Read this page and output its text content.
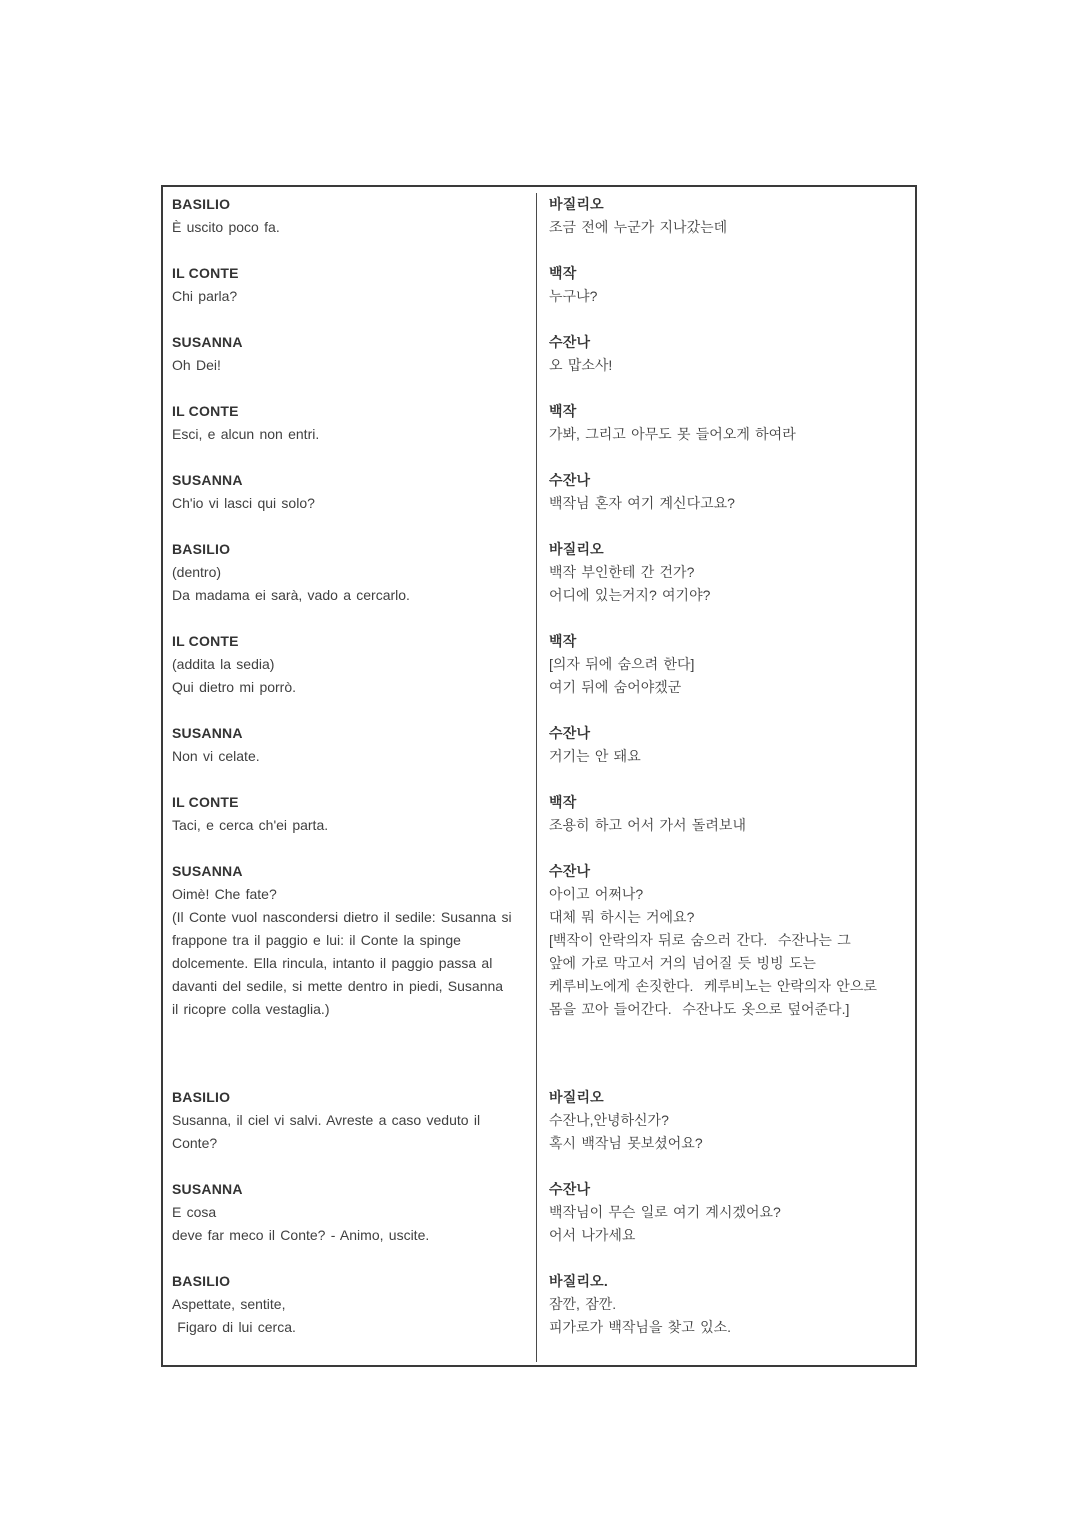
BASILIO
È uscito poco fa.
바질리오
조금 전에 누군가 지나갔는데
IL CONTE
Chi parla?
백작
누구냐?
SUSANNA
Oh Dei!
수잔나
오 맙소사!
IL CONTE
Esci, e alcun non entri.
백작
가봐, 그리고 아무도 못 들어오게 하여라
SUSANNA
Ch'io vi lasci qui solo?
수잔나
백작님 혼자 여기 계신다고요?
BASILIO
(dentro)
Da madama ei sarà, vado a cercarlo.
바질리오
백작 부인한테 간 건가?
어디에 있는거지? 여기야?
IL CONTE
(addita la sedia)
Qui dietro mi porrò.
백작
[의자 뒤에 숨으려 한다]
여기 뒤에 숨어야겠군
SUSANNA
Non vi celate.
수잔나
거기는 안 돼요
IL CONTE
Taci, e cerca ch'ei parta.
백작
조용히 하고 어서 가서 돌려보내
SUSANNA
Oimè! Che fate?
(Il Conte vuol nascondersi dietro il sedile: Susanna si
frappone tra il paggio e lui: il Conte la spinge
dolcemente. Ella rincula, intanto il paggio passa al
davanti del sedile, si mette dentro in piedi, Susanna
il ricopre colla vestaglia.)
수잔나
아이고 어쩌나?
대체 뭐 하시는 거에요?
[백작이 안락의자 뒤로 숨으러 간다.  수잔나는 그
앞에 가로 막고서 거의 넘어질 듯 빙빙 도는
케루비노에게 손짓한다.  케루비노는 안락의자 안으로
몸을 꼬아 들어간다.  수잔나도 옷으로 덮어준다.]
BASILIO
Susanna, il ciel vi salvi. Avreste a caso veduto il
Conte?
바질리오
수잔나,안녕하신가?
혹시 백작님 못보셨어요?
SUSANNA
E cosa
deve far meco il Conte? - Animo, uscite.
수잔나
백작님이 무슨 일로 여기 계시겠어요?
어서 나가세요
BASILIO
Aspettate, sentite,
Figaro di lui cerca.
바질리오.
잠깐, 잠깐.
피가로가 백작님을 찾고 있소.
